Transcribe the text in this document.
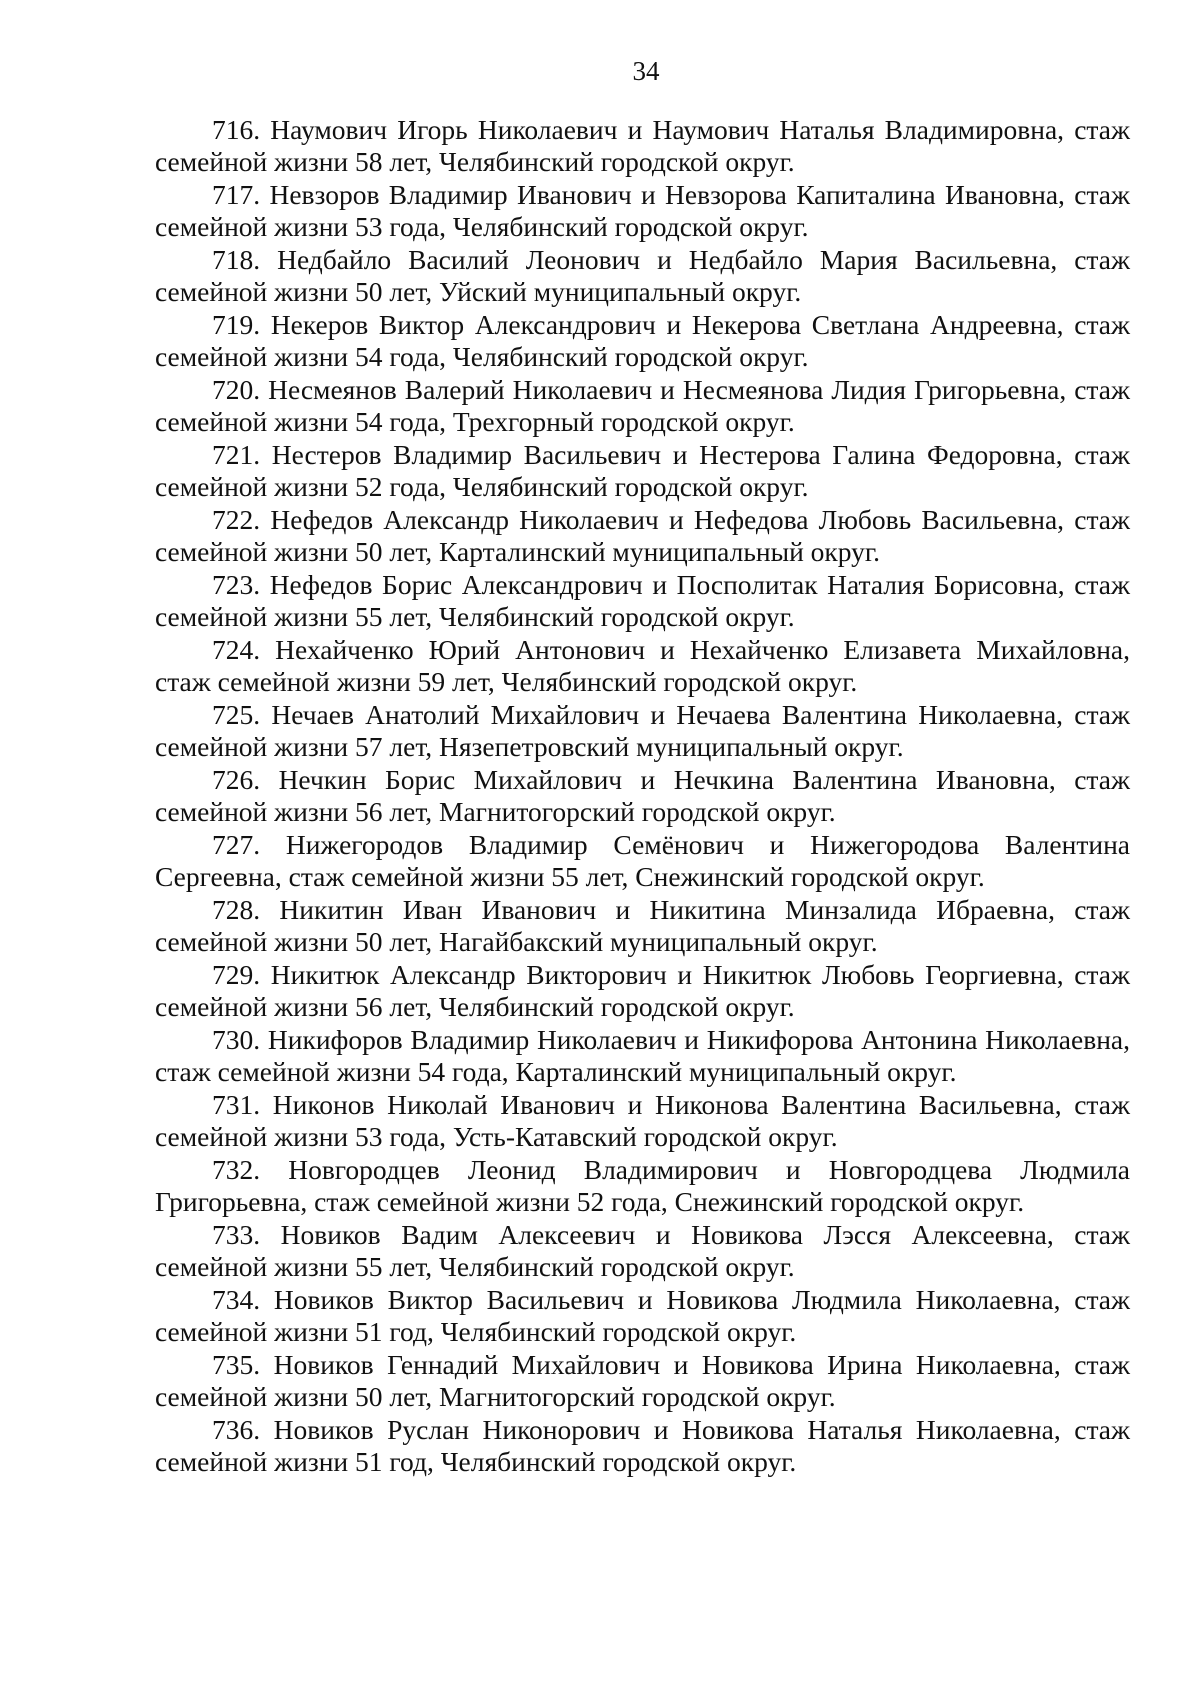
34
716. Наумович Игорь Николаевич и Наумович Наталья Владимировна, стаж семейной жизни 58 лет, Челябинский городской округ.
717. Невзоров Владимир Иванович и Невзорова Капиталина Ивановна, стаж семейной жизни 53 года, Челябинский городской округ.
718. Недбайло Василий Леонович и Недбайло Мария Васильевна, стаж семейной жизни 50 лет, Уйский муниципальный округ.
719. Некеров Виктор Александрович и Некерова Светлана Андреевна, стаж семейной жизни 54 года, Челябинский городской округ.
720. Несмеянов Валерий Николаевич и Несмеянова Лидия Григорьевна, стаж семейной жизни 54 года, Трехгорный городской округ.
721. Нестеров Владимир Васильевич и Нестерова Галина Федоровна, стаж семейной жизни 52 года, Челябинский городской округ.
722. Нефедов Александр Николаевич и Нефедова Любовь Васильевна, стаж семейной жизни 50 лет, Карталинский муниципальный округ.
723. Нефедов Борис Александрович и Посполитак Наталия Борисовна, стаж семейной жизни 55 лет, Челябинский городской округ.
724. Нехайченко Юрий Антонович и Нехайченко Елизавета Михайловна, стаж семейной жизни 59 лет, Челябинский городской округ.
725. Нечаев Анатолий Михайлович и Нечаева Валентина Николаевна, стаж семейной жизни 57 лет, Нязепетровский муниципальный округ.
726. Нечкин Борис Михайлович и Нечкина Валентина Ивановна, стаж семейной жизни 56 лет, Магнитогорский городской округ.
727. Нижегородов Владимир Семёнович и Нижегородова Валентина Сергеевна, стаж семейной жизни 55 лет, Снежинский городской округ.
728. Никитин Иван Иванович и Никитина Минзалида Ибраевна, стаж семейной жизни 50 лет, Нагайбакский муниципальный округ.
729. Никитюк Александр Викторович и Никитюк Любовь Георгиевна, стаж семейной жизни 56 лет, Челябинский городской округ.
730. Никифоров Владимир Николаевич и Никифорова Антонина Николаевна, стаж семейной жизни 54 года, Карталинский муниципальный округ.
731. Никонов Николай Иванович и Никонова Валентина Васильевна, стаж семейной жизни 53 года, Усть-Катавский городской округ.
732. Новгородцев Леонид Владимирович и Новгородцева Людмила Григорьевна, стаж семейной жизни 52 года, Снежинский городской округ.
733. Новиков Вадим Алексеевич и Новикова Лэсся Алексеевна, стаж семейной жизни 55 лет, Челябинский городской округ.
734. Новиков Виктор Васильевич и Новикова Людмила Николаевна, стаж семейной жизни 51 год, Челябинский городской округ.
735. Новиков Геннадий Михайлович и Новикова Ирина Николаевна, стаж семейной жизни 50 лет, Магнитогорский городской округ.
736. Новиков Руслан Никонорович и Новикова Наталья Николаевна, стаж семейной жизни 51 год, Челябинский городской округ.
